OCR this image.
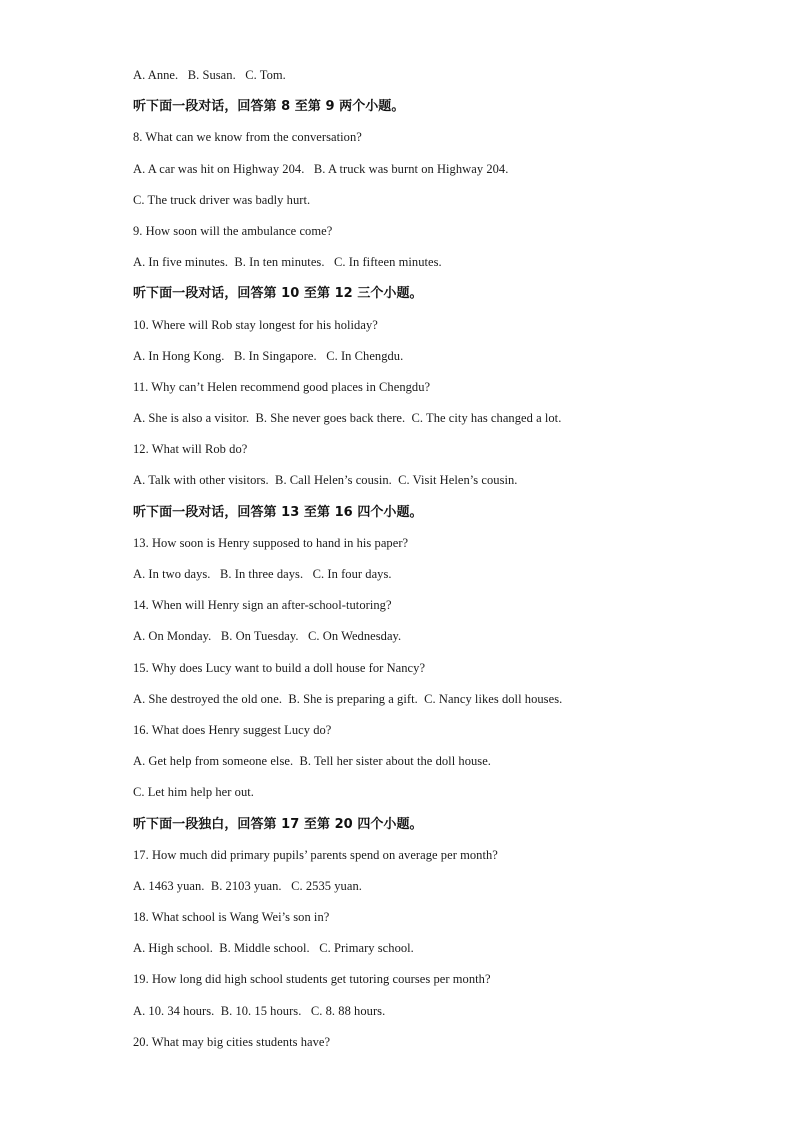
A. Anne.   B. Susan.   C. Tom.
听下面一段对话，回答第 8 至第 9 两个小题。
8. What can we know from the conversation?
A. A car was hit on Highway 204.   B. A truck was burnt on Highway 204.
C. The truck driver was badly hurt.
9. How soon will the ambulance come?
A. In five minutes.  B. In ten minutes.   C. In fifteen minutes.
听下面一段对话，回答第 10 至第 12 三个小题。
10. Where will Rob stay longest for his holiday?
A. In Hong Kong.   B. In Singapore.   C. In Chengdu.
11. Why can’t Helen recommend good places in Chengdu?
A. She is also a visitor.  B. She never goes back there.  C. The city has changed a lot.
12. What will Rob do?
A. Talk with other visitors.  B. Call Helen’s cousin.  C. Visit Helen’s cousin.
听下面一段对话，回答第 13 至第 16 四个小题。
13. How soon is Henry supposed to hand in his paper?
A. In two days.   B. In three days.   C. In four days.
14. When will Henry sign an after-school-tutoring?
A. On Monday.   B. On Tuesday.   C. On Wednesday.
15. Why does Lucy want to build a doll house for Nancy?
A. She destroyed the old one.  B. She is preparing a gift.  C. Nancy likes doll houses.
16. What does Henry suggest Lucy do?
A. Get help from someone else.  B. Tell her sister about the doll house.
C. Let him help her out.
听下面一段独白，回答第 17 至第 20 四个小题。
17. How much did primary pupils’ parents spend on average per month?
A. 1463 yuan.  B. 2103 yuan.   C. 2535 yuan.
18. What school is Wang Wei’s son in?
A. High school.  B. Middle school.   C. Primary school.
19. How long did high school students get tutoring courses per month?
A. 10. 34 hours.  B. 10. 15 hours.   C. 8. 88 hours.
20. What may big cities students have?
